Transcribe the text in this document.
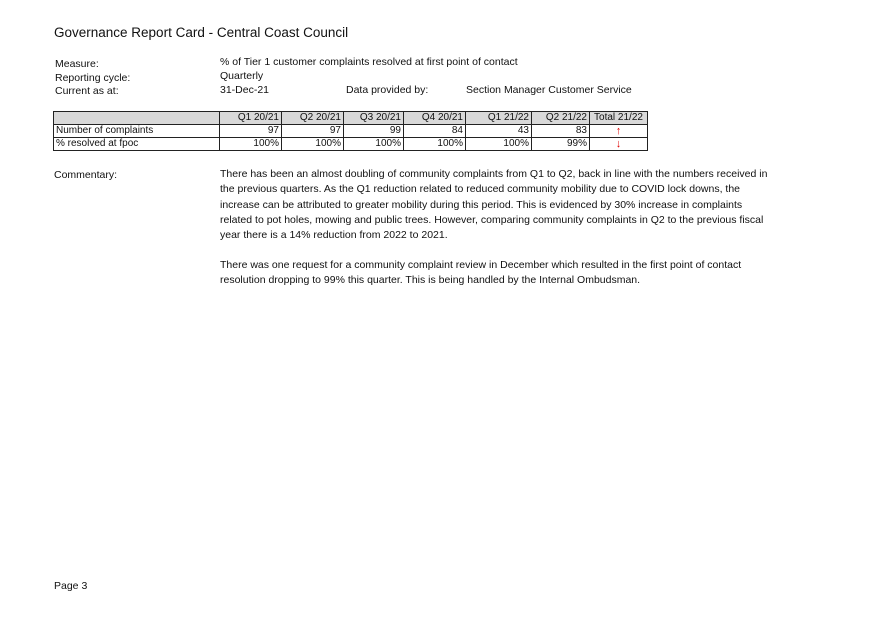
Governance Report Card - Central Coast Council
Measure:	% of Tier 1 customer complaints resolved at first point of contact
Reporting cycle:	Quarterly
Current as at:	31-Dec-21	Data provided by:	Section Manager Customer Service
	Q1 20/21	Q2 20/21	Q3 20/21	Q4 20/21	Q1 21/22	Q2 21/22	Total 21/22
Number of complaints	97	97	99	84	43	83	↑
% resolved at fpoc	100%	100%	100%	100%	100%	99%	↓
Commentary:	There has been an almost doubling of community complaints from Q1 to Q2, back in line with the numbers received in the previous quarters. As the Q1 reduction related to reduced community mobility due to COVID lock downs, the increase can be attributed to greater mobility during this period. This is evidenced by 30% increase in complaints related to pot holes, mowing and public trees. However, comparing community complaints in Q2 to the previous fiscal year there is a 14% reduction from 2022 to 2021.
There was one request for a community complaint review in December which resulted in the first point of contact resolution dropping to 99% this quarter. This is being handled by the Internal Ombudsman.
Page 3
